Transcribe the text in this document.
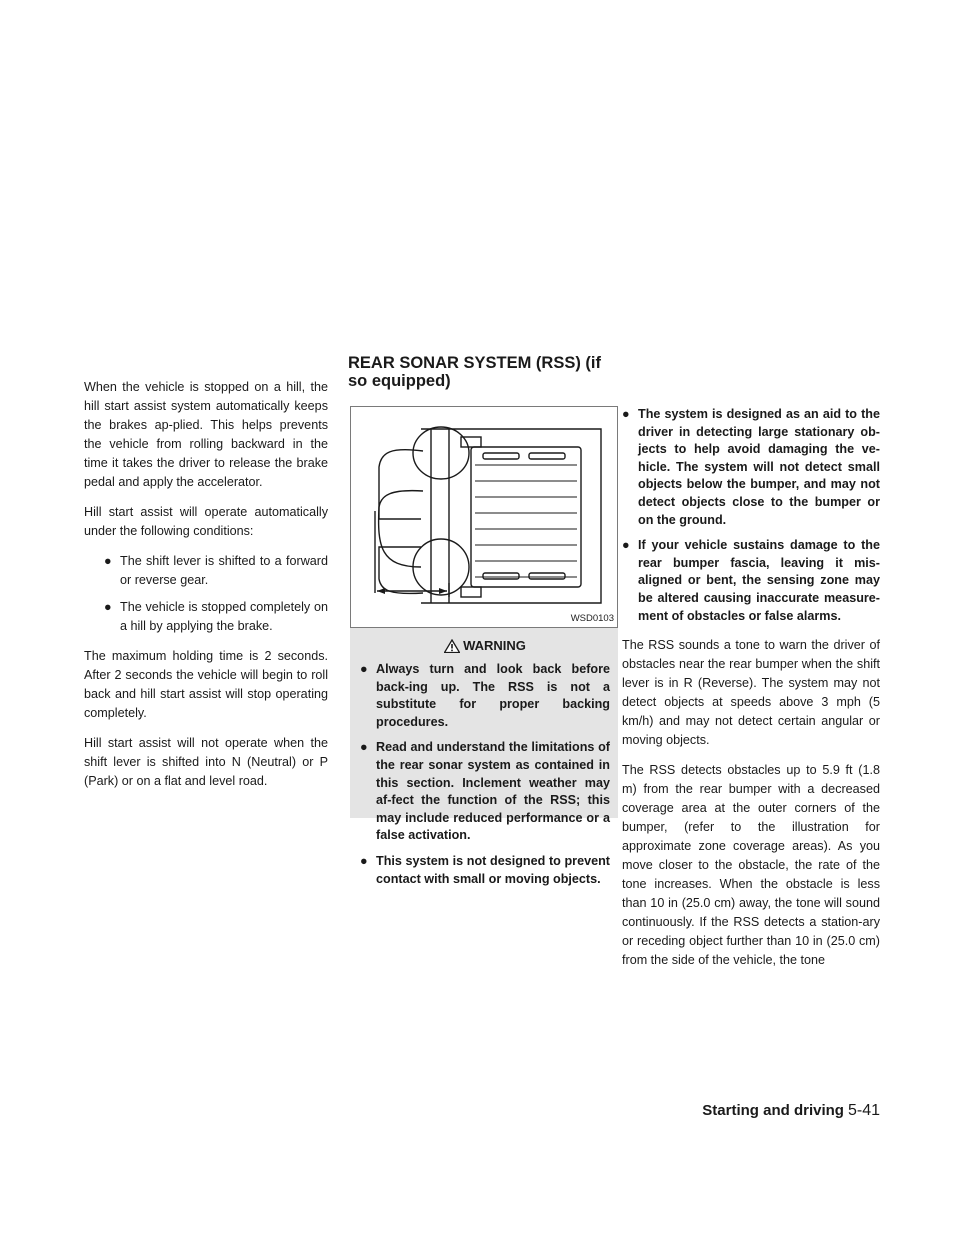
REAR SONAR SYSTEM (RSS) (if so equipped)

When the vehicle is stopped on a hill, the hill start assist system automatically keeps the brakes ap-plied. This helps prevents the vehicle from rolling backward in the time it takes the driver to release the brake pedal and apply the accelerator.

Hill start assist will operate automatically under the following conditions:

● The shift lever is shifted to a forward or reverse gear.
● The vehicle is stopped completely on a hill by applying the brake.

The maximum holding time is 2 seconds. After 2 seconds the vehicle will begin to roll back and hill start assist will stop operating completely.

Hill start assist will not operate when the shift lever is shifted into N (Neutral) or P (Park) or on a flat and level road.

WSD0103
WARNING
● Always turn and look back before back-ing up. The RSS is not a substitute for proper backing procedures.
● Read and understand the limitations of the rear sonar system as contained in this section. Inclement weather may af-fect the function of the RSS; this may include reduced performance or a false activation.
● This system is not designed to prevent contact with small or moving objects.
● The system is designed as an aid to the driver in detecting large stationary ob-jects to help avoid damaging the ve-hicle. The system will not detect small objects below the bumper, and may not detect objects close to the bumper or on the ground.
● If your vehicle sustains damage to the rear bumper fascia, leaving it mis-aligned or bent, the sensing zone may be altered causing inaccurate measure-ment of obstacles or false alarms.

The RSS sounds a tone to warn the driver of obstacles near the rear bumper when the shift lever is in R (Reverse). The system may not detect objects at speeds above 3 mph (5 km/h) and may not detect certain angular or moving objects.

The RSS detects obstacles up to 5.9 ft (1.8 m) from the rear bumper with a decreased coverage area at the outer corners of the bumper, (refer to the illustration for approximate zone coverage areas). As you move closer to the obstacle, the rate of the tone increases. When the obstacle is less than 10 in (25.0 cm) away, the tone will sound continuously. If the RSS detects a station-ary or receding object further than 10 in (25.0 cm) from the side of the vehicle, the tone

Starting and driving 5-41
